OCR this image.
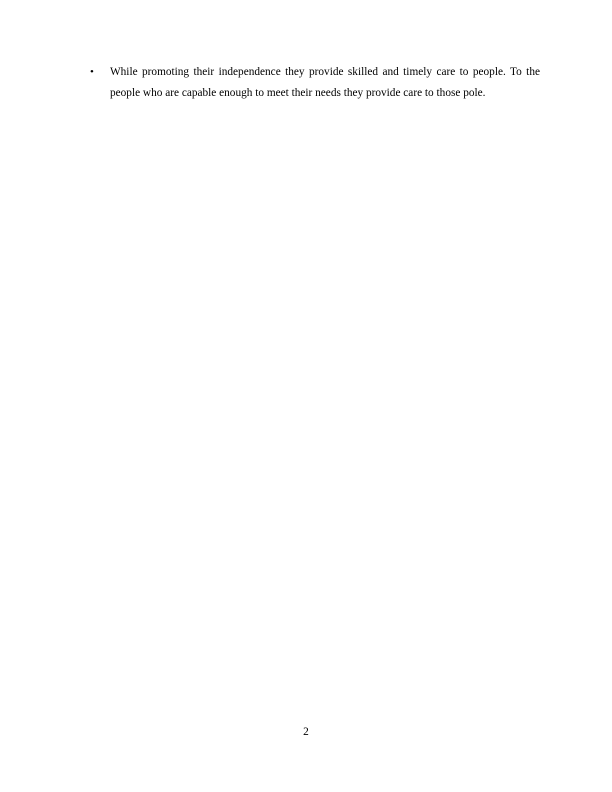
• While promoting their independence they provide skilled and timely care to people. To the people who are capable enough to meet their needs they provide care to those pole.
2
